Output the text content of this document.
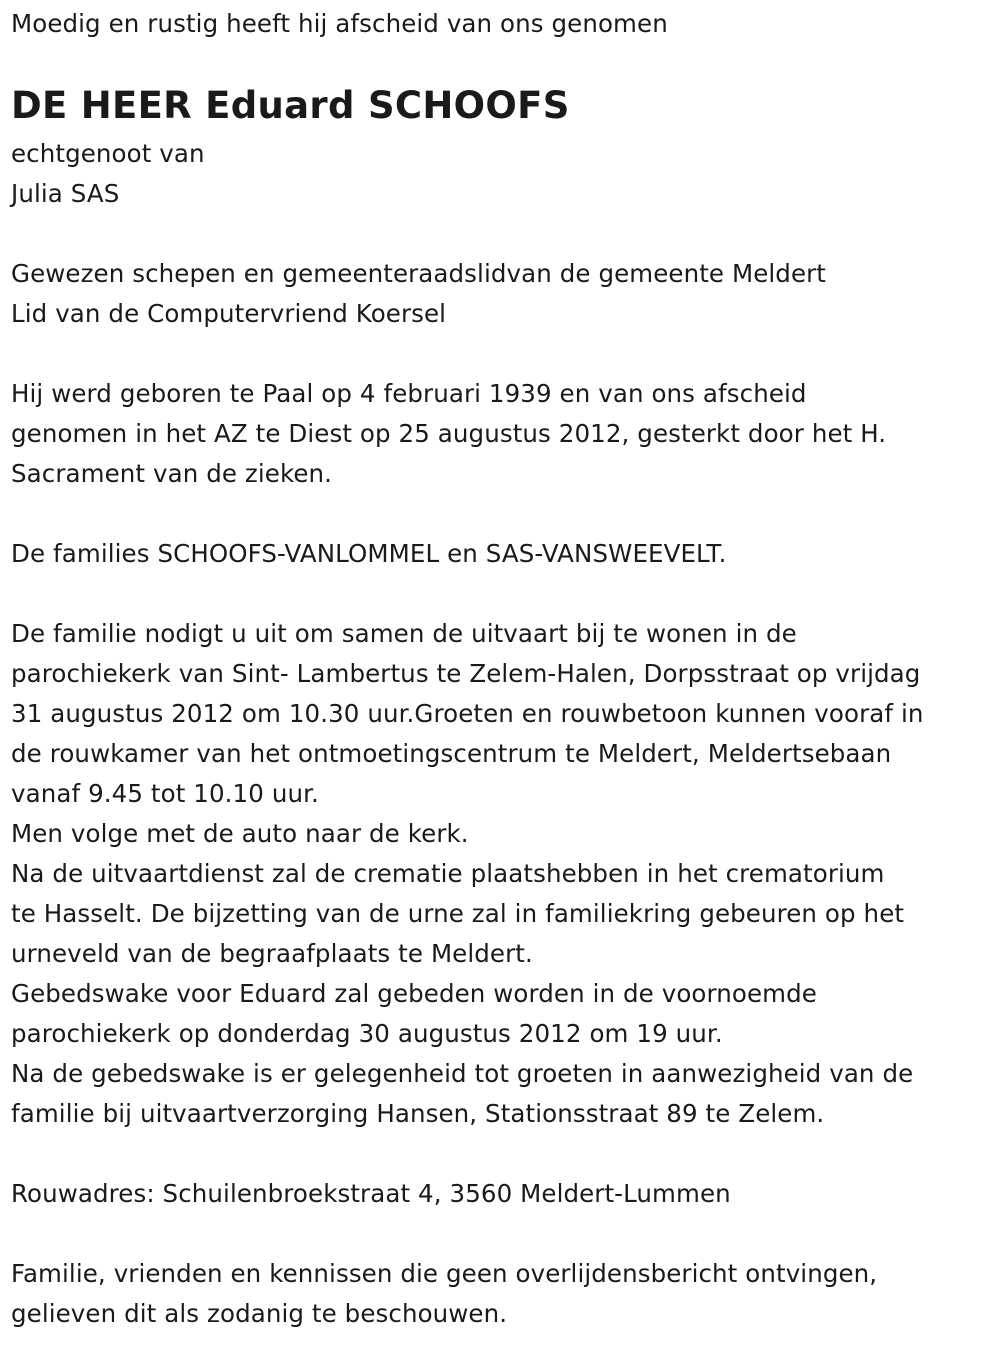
Moedig en rustig heeft hij afscheid van ons genomen
DE HEER Eduard SCHOOFS
echtgenoot van
Julia SAS
Gewezen schepen en gemeenteraadslidvan de gemeente Meldert
Lid van de Computervriend Koersel
Hij werd geboren te Paal op 4 februari 1939 en van ons afscheid
genomen in het AZ te Diest op 25 augustus 2012, gesterkt door het H.
Sacrament van de zieken.
De families SCHOOFS-VANLOMMEL en SAS-VANSWEEVELT.
De familie nodigt u uit om samen de uitvaart bij te wonen in de
parochiekerk van Sint- Lambertus te Zelem-Halen, Dorpsstraat op vrijdag
31 augustus 2012 om 10.30 uur.Groeten en rouwbetoon kunnen vooraf in
de rouwkamer van het ontmoetingscentrum te Meldert, Meldertsebaan
vanaf 9.45 tot 10.10 uur.
Men volge met de auto naar de kerk.
Na de uitvaartdienst zal de crematie plaatshebben in het crematorium
te Hasselt. De bijzetting van de urne zal in familiekring gebeuren op het
urneveld van de begraafplaats te Meldert.
Gebedswake voor Eduard zal gebeden worden in de voornoemde
parochiekerk op donderdag 30 augustus 2012 om 19 uur.
Na de gebedswake is er gelegenheid tot groeten in aanwezigheid van de
familie bij uitvaartverzorging Hansen, Stationsstraat 89 te Zelem.
Rouwadres: Schuilenbroekstraat 4, 3560 Meldert-Lummen
Familie, vrienden en kennissen die geen overlijdensbericht ontvingen,
gelieven dit als zodanig te beschouwen.
